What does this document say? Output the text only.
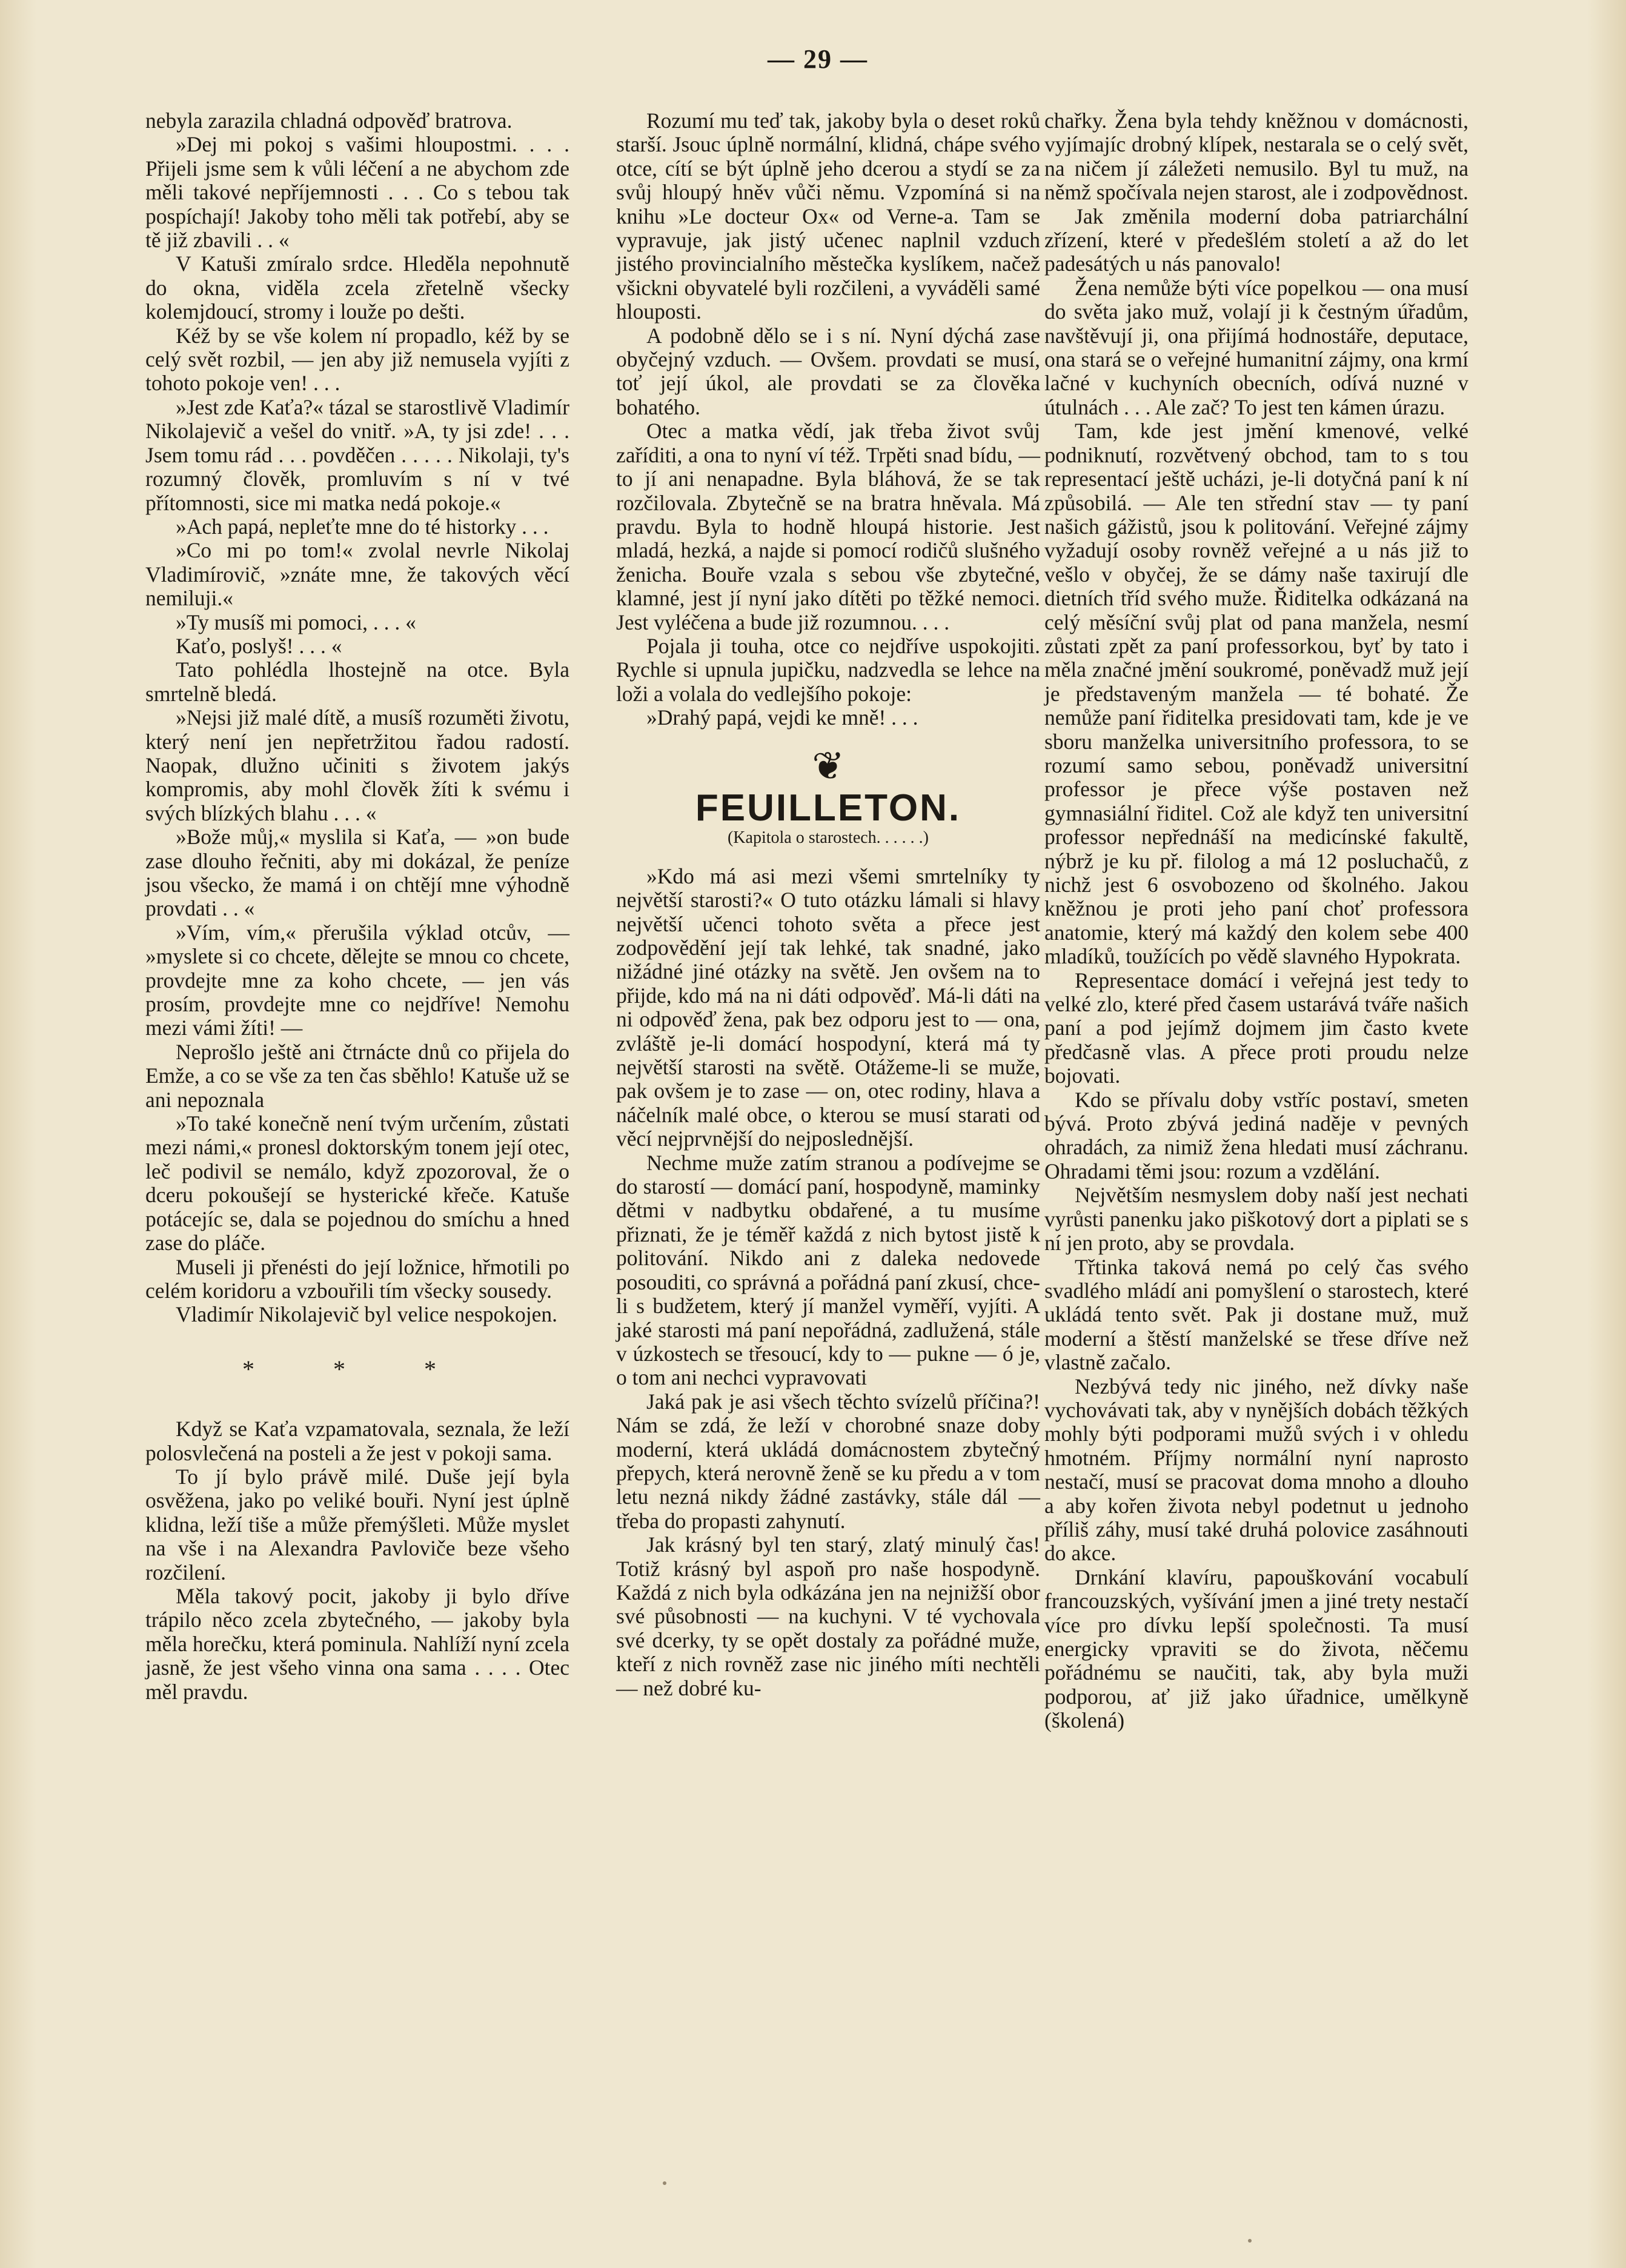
— 29 —

nebyla zarazila chladná odpověď bratrova.

»Dej mi pokoj s vašimi hloupostmi. . . . Přijeli jsme sem k vůli léčení a ne abychom zde měli takové nepříjemnosti . . . Co s tebou tak pospíchají! Jakoby toho měli tak potřebí, aby se tě již zbavili . . «

V Katuši zmíralo srdce. Hleděla nepohnutě do okna, viděla zcela zřetelně všecky kolemjdoucí, stromy i louže po dešti.

Kéž by se vše kolem ní propadlo, kéž by se celý svět rozbil, — jen aby již nemusela vyjíti z tohoto pokoje ven! . . .

»Jest zde Kaťa?« tázal se starostlivě Vladimír Nikolajevič a vešel do vnitř. »A, ty jsi zde! . . . Jsem tomu rád . . . povděčen . . . . . Nikolaji, ty's rozumný člověk, promluvím s ní v tvé přítomnosti, sice mi matka nedá pokoje.«

»Ach papá, nepleťte mne do té historky . . .

»Co mi po tom!« zvolal nevrle Nikolaj Vladimírovič, »znáte mne, že takových věcí nemiluji.«

»Ty musíš mi pomoci, . . . «

Kaťo, poslyš! . . . «

Tato pohlédla lhostejně na otce. Byla smrtelně bledá.

»Nejsi již malé dítě, a musíš rozuměti životu, který není jen nepřetržitou řadou radostí. Naopak, dlužno učiniti s životem jakýs kompromis, aby mohl člověk žíti k svému i svých blízkých blahu . . . «

»Bože můj,« myslila si Kaťa, — »on bude zase dlouho řečniti, aby mi dokázal, že peníze jsou všecko, že mamá i on chtějí mne výhodně provdati . . «

»Vím, vím,« přerušila výklad otcův, — »myslete si co chcete, dělejte se mnou co chcete, provdejte mne za koho chcete, — jen vás prosím, provdejte mne co nejdříve! Nemohu mezi vámi žíti! —

Neprošlo ještě ani čtrnácte dnů co přijela do Emže, a co se vše za ten čas sběhlo! Katuše už se ani nepoznala

»To také konečně není tvým určením, zůstati mezi námi,« pronesl doktorským tonem její otec, leč podivil se nemálo, když zpozoroval, že o dceru pokoušejí se hysterické křeče. Katuše potácejíc se, dala se pojednou do smíchu a hned zase do pláče.

Museli ji přenésti do její ložnice, hřmotili po celém koridoru a vzbouřili tím všecky sousedy.

Vladimír Nikolajevič byl velice nespokojen.

* * *

Když se Kaťa vzpamatovala, seznala, že leží polosvlečená na posteli a že jest v pokoji sama.

To jí bylo právě milé. Duše její byla osvěžena, jako po veliké bouři. Nyní jest úplně klidna, leží tiše a může přemýšleti. Může myslet na vše i na Alexandra Pavloviče beze všeho rozčilení.

Měla takový pocit, jakoby ji bylo dříve trápilo něco zcela zbytečného, — jakoby byla měla horečku, která pominula. Nahlíží nyní zcela jasně, že jest všeho vinna ona sama . . . . Otec měl pravdu.

Rozumí mu teď tak, jakoby byla o deset roků starší. Jsouc úplně normální, klidná, chápe svého otce, cítí se být úplně jeho dcerou a stydí se za svůj hloupý hněv vůči němu. Vzpomíná si na knihu »Le docteur Ox« od Verne-a. Tam se vypravuje, jak jistý učenec naplnil vzduch jistého provincialního městečka kyslíkem, načež všickni obyvatelé byli rozčileni, a vyváděli samé hlouposti.

A podobně dělo se i s ní. Nyní dýchá zase obyčejný vzduch. — Ovšem. provdati se musí, toť její úkol, ale provdati se za člověka bohatého.

Otec a matka vědí, jak třeba život svůj zaříditi, a ona to nyní ví též. Trpěti snad bídu, — to jí ani nenapadne. Byla bláhová, že se tak rozčilovala. Zbytečně se na bratra hněvala. Má pravdu. Byla to hodně hloupá historie. Jest mladá, hezká, a najde si pomocí rodičů slušného ženicha. Bouře vzala s sebou vše zbytečné, klamné, jest jí nyní jako dítěti po těžké nemoci. Jest vyléčena a bude již rozumnou. . . .

Pojala ji touha, otce co nejdříve uspokojiti. Rychle si upnula jupičku, nadzvedla se lehce na loži a volala do vedlejšího pokoje:

»Drahý papá, vejdi ke mně! . . .

❦
FEUILLETON.
(Kapitola o starostech. . . . . .)

»Kdo má asi mezi všemi smrtelníky ty největší starosti?« O tuto otázku lámali si hlavy největší učenci tohoto světa a přece jest zodpovědění její tak lehké, tak snadné, jako nižádné jiné otázky na světě. Jen ovšem na to přijde, kdo má na ni dáti odpověď. Má-li dáti na ni odpověď žena, pak bez odporu jest to — ona, zvláště je-li domácí hospodyní, která má ty největší starosti na světě. Otážeme-li se muže, pak ovšem je to zase — on, otec rodiny, hlava a náčelník malé obce, o kterou se musí starati od věcí nejprvnější do nejposlednější.

Nechme muže zatím stranou a podívejme se do starostí — domácí paní, hospodyně, maminky dětmi v nadbytku obdařené, a tu musíme přiznati, že je téměř každá z nich bytost jistě k politování. Nikdo ani z daleka nedovede posouditi, co správná a pořádná paní zkusí, chce-li s budžetem, který jí manžel vyměří, vyjíti. A jaké starosti má paní nepořádná, zadlužená, stále v úzkostech se třesoucí, kdy to — pukne — ó je, o tom ani nechci vypravovati

Jaká pak je asi všech těchto svízelů příčina?! Nám se zdá, že leží v chorobné snaze doby moderní, která ukládá domácnostem zbytečný přepych, která nerovně ženě se ku předu a v tom letu nezná nikdy žádné zastávky, stále dál — třeba do propasti zahynutí.

Jak krásný byl ten starý, zlatý minulý čas! Totiž krásný byl aspoň pro naše hospodyně. Každá z nich byla odkázána jen na nejnižší obor své působnosti — na kuchyni. V té vychovala své dcerky, ty se opět dostaly za pořádné muže, kteří z nich rovněž zase nic jiného míti nechtěli — než dobré ku-

chařky. Žena byla tehdy kněžnou v domácnosti, vyjímajíc drobný klípek, nestarala se o celý svět, na ničem jí záležeti nemusilo. Byl tu muž, na němž spočívala nejen starost, ale i zodpovědnost.

Jak změnila moderní doba patriarchální zřízení, které v předešlém století a až do let padesátých u nás panovalo!

Žena nemůže býti více popelkou — ona musí do světa jako muž, volají ji k čestným úřadům, navštěvují ji, ona přijímá hodnostáře, deputace, ona stará se o veřejné humanitní zájmy, ona krmí lačné v kuchyních obecních, odívá nuzné v útulnách . . . Ale zač? To jest ten kámen úrazu.

Tam, kde jest jmění kmenové, velké podniknutí, rozvětvený obchod, tam to s tou representací ještě ucházi, je-li dotyčná paní k ní způsobilá. — Ale ten střední stav — ty paní našich gážistů, jsou k politování. Veřejné zájmy vyžadují osoby rovněž veřejné a u nás již to vešlo v obyčej, že se dámy naše taxirují dle dietních tříd svého muže. Řiditelka odkázaná na celý měsíční svůj plat od pana manžela, nesmí zůstati zpět za paní professorkou, byť by tato i měla značné jmění soukromé, poněvadž muž její je představeným manžela — té bohaté. Že nemůže paní řiditelka presidovati tam, kde je ve sboru manželka universitního professora, to se rozumí samo sebou, poněvadž universitní professor je přece výše postaven než gymnasiální řiditel. Což ale když ten universitní professor nepřednáší na medicínské fakultě, nýbrž je ku př. filolog a má 12 posluchačů, z nichž jest 6 osvobozeno od školného. Jakou kněžnou je proti jeho paní choť professora anatomie, který má každý den kolem sebe 400 mladíků, toužících po vědě slavného Hypokrata.

Representace domácí i veřejná jest tedy to velké zlo, které před časem ustarává tváře našich paní a pod jejímž dojmem jim často kvete předčasně vlas. A přece proti proudu nelze bojovati.

Kdo se přívalu doby vstříc postaví, smeten bývá. Proto zbývá jediná naděje v pevných ohradách, za nimiž žena hledati musí záchranu. Ohradami těmi jsou: rozum a vzdělání.

Největším nesmyslem doby naší jest nechati vyrůsti panenku jako piškotový dort a piplati se s ní jen proto, aby se provdala.

Třtinka taková nemá po celý čas svého svadlého mládí ani pomyšlení o starostech, které ukládá tento svět. Pak ji dostane muž, muž moderní a štěstí manželské se třese dříve než vlastně začalo.

Nezbývá tedy nic jiného, než dívky naše vychovávati tak, aby v nynějších dobách těžkých mohly býti podporami mužů svých i v ohledu hmotném. Příjmy normální nyní naprosto nestačí, musí se pracovat doma mnoho a dlouho a aby kořen života nebyl podetnut u jednoho příliš záhy, musí také druhá polovice zasáhnouti do akce.

Drnkání klavíru, papouškování vocabulí francouzských, vyšívání jmen a jiné trety nestačí více pro dívku lepší společnosti. Ta musí energicky vpraviti se do života, něčemu pořádnému se naučiti, tak, aby byla muži podporou, ať již jako úřadnice, umělkyně (školená)
